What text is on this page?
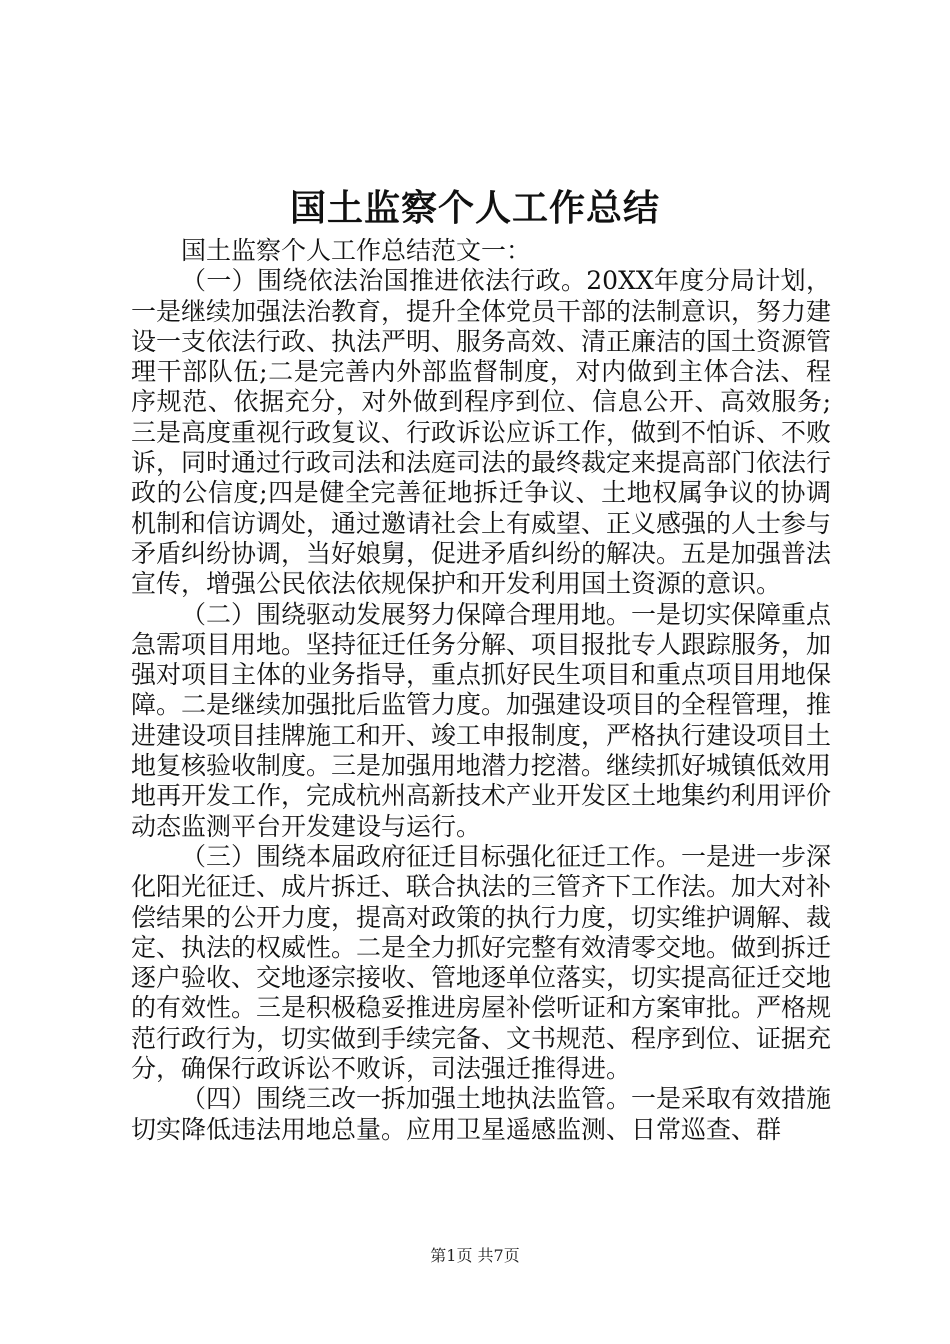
国土监察个人工作总结

国土监察个人工作总结范文一：

（一）围绕依法治国推进依法行政。20XX年度分局计划，一是继续加强法治教育，提升全体党员干部的法制意识，努力建设一支依法行政、执法严明、服务高效、清正廉洁的国土资源管理干部队伍;二是完善内外部监督制度，对内做到主体合法、程序规范、依据充分，对外做到程序到位、信息公开、高效服务;三是高度重视行政复议、行政诉讼应诉工作，做到不怕诉、不败诉，同时通过行政司法和法庭司法的最终裁定来提高部门依法行政的公信度;四是健全完善征地拆迁争议、土地权属争议的协调机制和信访调处，通过邀请社会上有威望、正义感强的人士参与矛盾纠纷协调，当好娘舅，促进矛盾纠纷的解决。五是加强普法宣传，增强公民依法依规保护和开发利用国土资源的意识。

（二）围绕驱动发展努力保障合理用地。一是切实保障重点急需项目用地。坚持征迁任务分解、项目报批专人跟踪服务，加强对项目主体的业务指导，重点抓好民生项目和重点项目用地保障。二是继续加强批后监管力度。加强建设项目的全程管理，推进建设项目挂牌施工和开、竣工申报制度，严格执行建设项目土地复核验收制度。三是加强用地潜力挖潜。继续抓好城镇低效用地再开发工作，完成杭州高新技术产业开发区土地集约利用评价动态监测平台开发建设与运行。

（三）围绕本届政府征迁目标强化征迁工作。一是进一步深化阳光征迁、成片拆迁、联合执法的三管齐下工作法。加大对补偿结果的公开力度，提高对政策的执行力度，切实维护调解、裁定、执法的权威性。二是全力抓好完整有效清零交地。做到拆迁逐户验收、交地逐宗接收、管地逐单位落实，切实提高征迁交地的有效性。三是积极稳妥推进房屋补偿听证和方案审批。严格规范行政行为，切实做到手续完备、文书规范、程序到位、证据充分，确保行政诉讼不败诉，司法强迁推得进。

（四）围绕三改一拆加强土地执法监管。一是采取有效措施切实降低违法用地总量。应用卫星遥感监测、日常巡查、群

第1页 共7页
